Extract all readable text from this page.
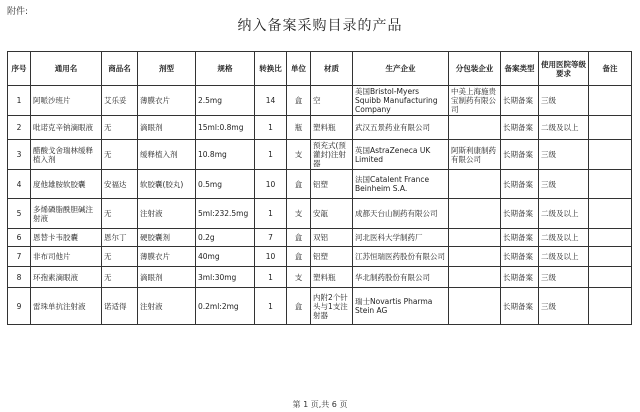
附件:
纳入备案采购目录的产品
序号	通用名	商品名	剂型	规格	转换比	单位	材质	生产企业	分包装企业	备案类型	使用医院等级要求	备注
1	阿哌沙班片	艾乐妥	薄膜衣片	2.5mg	14	盒	空	美国Bristol-Myers Squibb Manufacturing Company	中美上海施贵宝制药有限公司	长期备案	三级	
2	吡诺克辛钠滴眼液	无	滴眼剂	15ml:0.8mg	1	瓶	塑料瓶	武汉五景药业有限公司		长期备案	二级及以上	
3	醋酸戈舍瑞林缓释植入剂	无	缓释植入剂	10.8mg	1	支	预充式(预灌封)注射器	英国AstraZeneca UK Limited	阿斯利康制药有限公司	长期备案	三级	
4	度他雄胺软胶囊	安福达	软胶囊(胶丸)	0.5mg	10	盒	铝塑	法国Catalent France Beinheim S.A.		长期备案	三级	
5	多烯磷脂酰胆碱注射液	无	注射液	5ml:232.5mg	1	支	安瓿	成都天台山制药有限公司		长期备案	二级及以上	
6	恩替卡韦胶囊	恩尔丁	硬胶囊剂	0.2g	7	盒	双铝	河北医科大学制药厂		长期备案	二级及以上	
7	非布司他片	无	薄膜衣片	40mg	10	盒	铝塑	江苏恒瑞医药股份有限公司		长期备案	二级及以上	
8	环孢素滴眼液	无	滴眼剂	3ml:30mg	1	支	塑料瓶	华北制药股份有限公司		长期备案	三级	
9	雷珠单抗注射液	诺适得	注射液	0.2ml:2mg	1	盒	内附2个针头与1支注射器	瑞士Novartis Pharma Stein AG		长期备案	三级	
第 1 页,共 6 页
